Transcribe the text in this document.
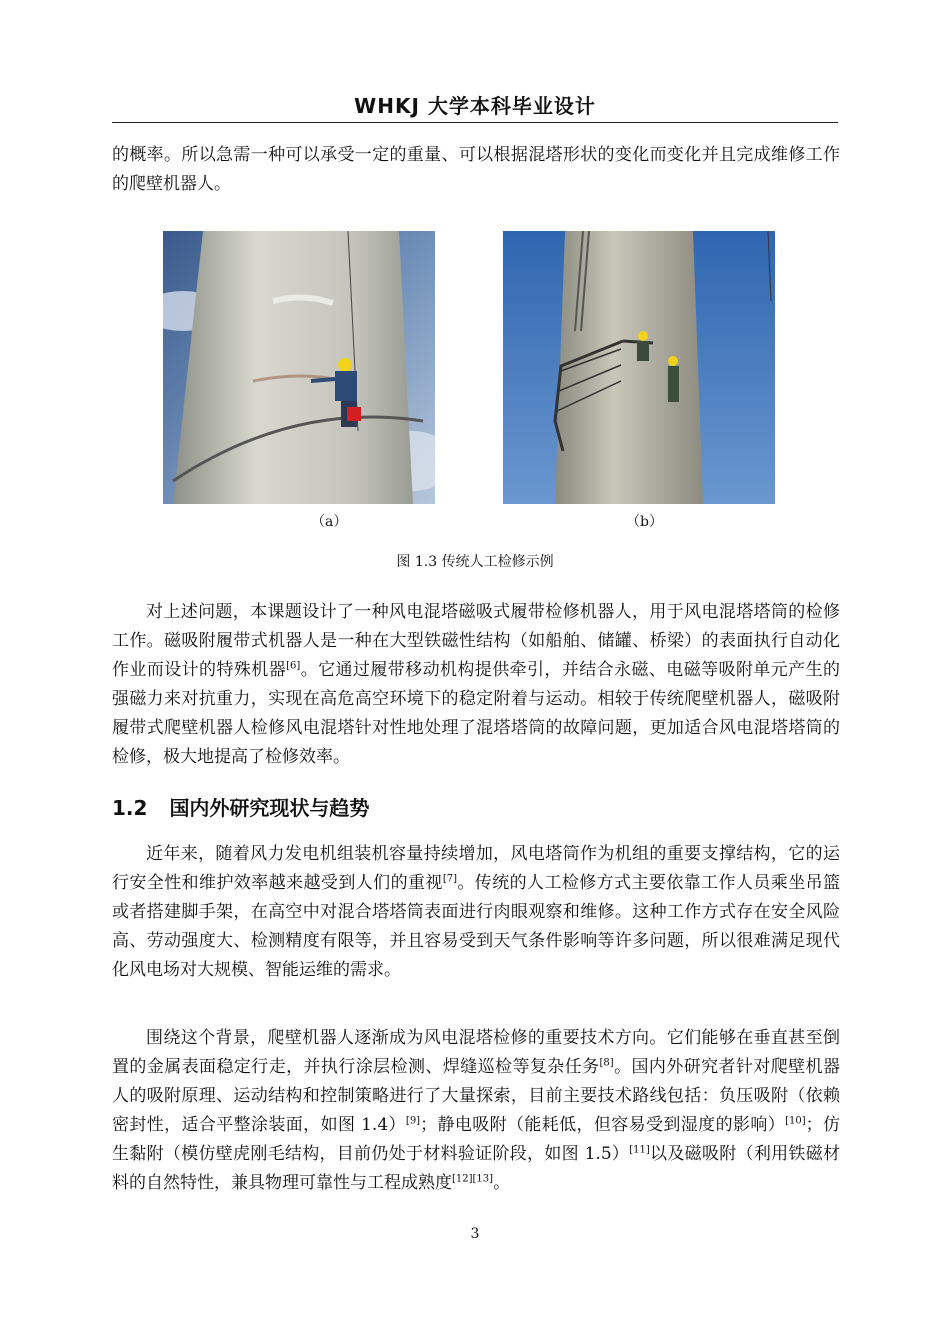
WHKJ 大学本科毕业设计
的概率。所以急需一种可以承受一定的重量、可以根据混塔形状的变化而变化并且完成维修工作的爬壁机器人。
（a）	（b）
图 1.3 传统人工检修示例
对上述问题，本课题设计了一种风电混塔磁吸式履带检修机器人，用于风电混塔塔筒的检修工作。磁吸附履带式机器人是一种在大型铁磁性结构（如船舶、储罐、桥梁）的表面执行自动化作业而设计的特殊机器[6]。它通过履带移动机构提供牵引，并结合永磁、电磁等吸附单元产生的强磁力来对抗重力，实现在高危高空环境下的稳定附着与运动。相较于传统爬壁机器人，磁吸附履带式爬壁机器人检修风电混塔针对性地处理了混塔塔筒的故障问题，更加适合风电混塔塔筒的检修，极大地提高了检修效率。
1.2 国内外研究现状与趋势
近年来，随着风力发电机组装机容量持续增加，风电塔筒作为机组的重要支撑结构，它的运行安全性和维护效率越来越受到人们的重视[7]。传统的人工检修方式主要依靠工作人员乘坐吊篮或者搭建脚手架，在高空中对混合塔塔筒表面进行肉眼观察和维修。这种工作方式存在安全风险高、劳动强度大、检测精度有限等，并且容易受到天气条件影响等许多问题，所以很难满足现代化风电场对大规模、智能运维的需求。
围绕这个背景，爬壁机器人逐渐成为风电混塔检修的重要技术方向。它们能够在垂直甚至倒置的金属表面稳定行走，并执行涂层检测、焊缝巡检等复杂任务[8]。国内外研究者针对爬壁机器人的吸附原理、运动结构和控制策略进行了大量探索，目前主要技术路线包括：负压吸附（依赖密封性，适合平整涂装面，如图 1.4）[9]；静电吸附（能耗低，但容易受到湿度的影响）[10]；仿生黏附（模仿壁虎刚毛结构，目前仍处于材料验证阶段，如图 1.5）[11]以及磁吸附（利用铁磁材料的自然特性，兼具物理可靠性与工程成熟度[12][13]。
3
